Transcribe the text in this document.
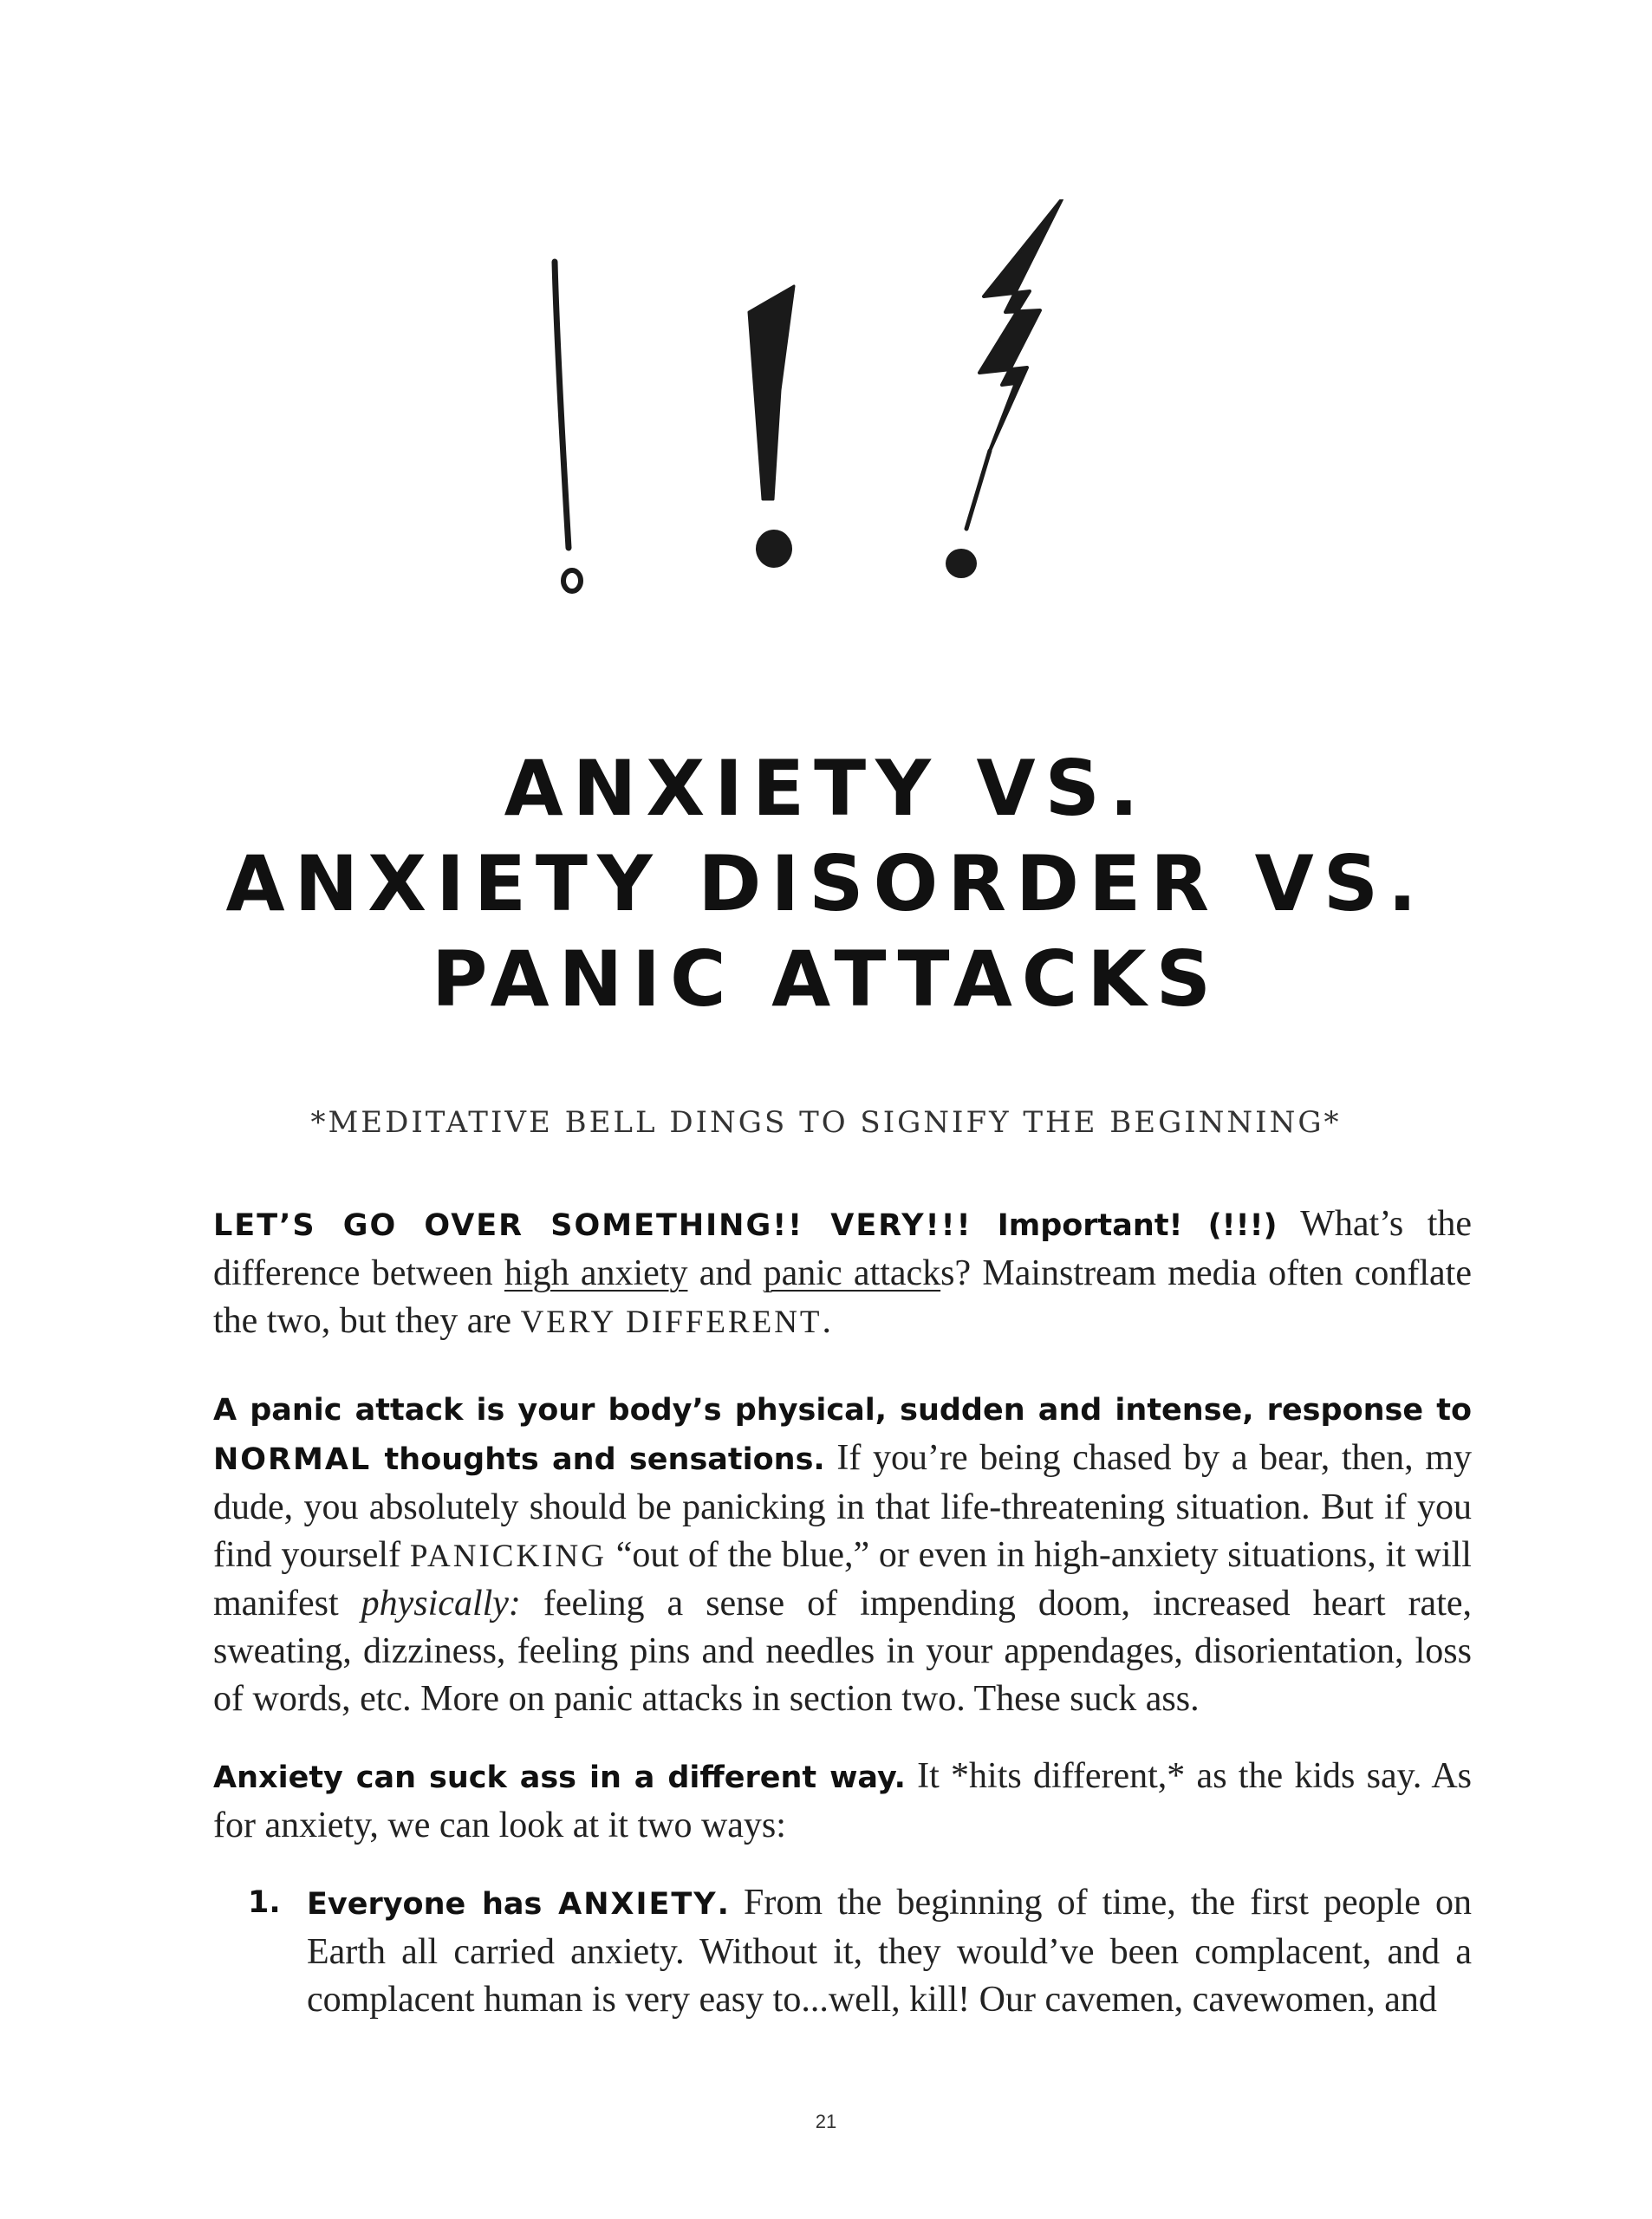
ANXIETY VS.
ANXIETY DISORDER VS.
PANIC ATTACKS

*MEDITATIVE BELL DINGS TO SIGNIFY THE BEGINNING*

LET’S GO OVER SOMETHING!! VERY!!! Important! (!!!) What’s the difference between high anxiety and panic attacks? Mainstream media often conflate the two, but they are VERY DIFFERENT.

A panic attack is your body’s physical, sudden and intense, response to NORMAL thoughts and sensations. If you’re being chased by a bear, then, my dude, you absolutely should be panicking in that life-threatening situation. But if you find yourself PANICKING “out of the blue,” or even in high-anxiety situations, it will manifest physically: feeling a sense of impending doom, increased heart rate, sweating, dizziness, feeling pins and needles in your appendages, disorientation, loss of words, etc. More on panic attacks in section two. These suck ass.

Anxiety can suck ass in a different way. It *hits different,* as the kids say. As for anxiety, we can look at it two ways:

1. Everyone has ANXIETY. From the beginning of time, the first people on Earth all carried anxiety. Without it, they would’ve been complacent, and a complacent human is very easy to...well, kill! Our cavemen, cavewomen, and
21
